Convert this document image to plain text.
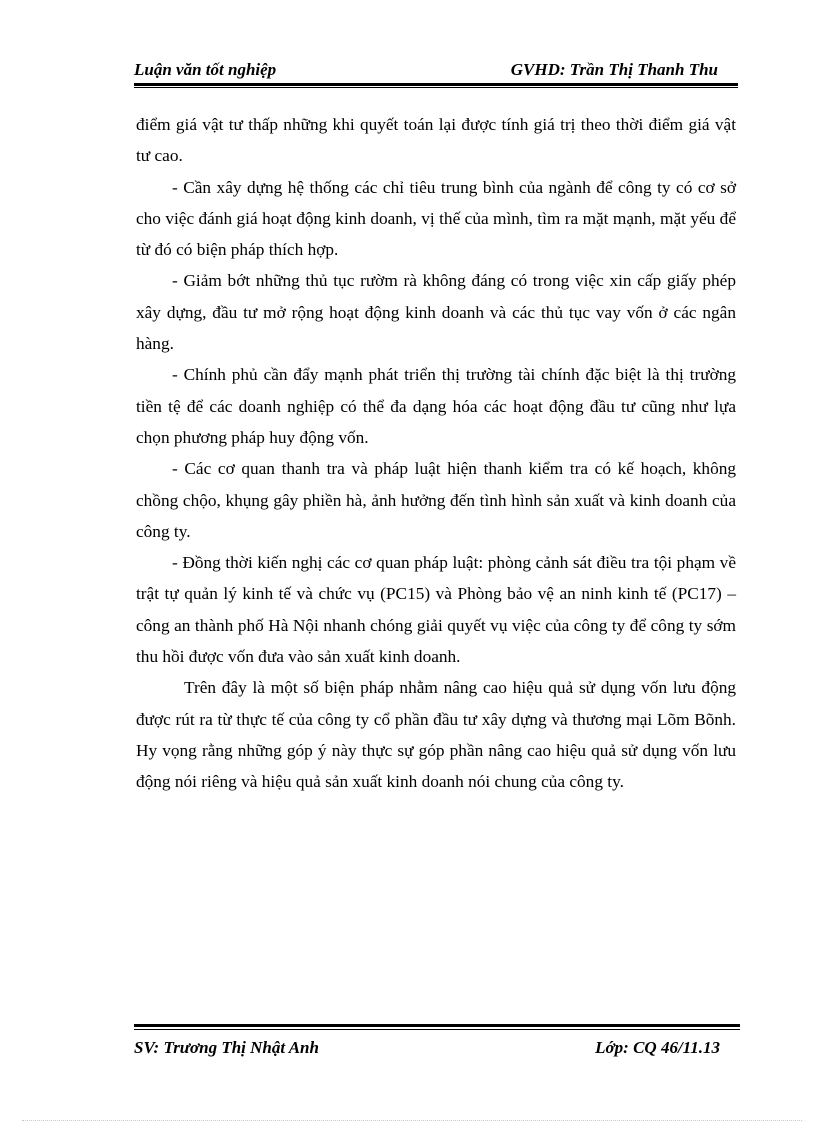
Luận văn tốt nghiệp	GVHD: Trần Thị Thanh Thu

điểm giá vật tư thấp những khi quyết toán lại được tính giá trị theo thời điểm giá vật tư cao.

- Cần xây dựng hệ thống các chỉ tiêu trung bình của ngành để công ty có cơ sở cho việc đánh giá hoạt động kinh doanh, vị thế của mình, tìm ra mặt mạnh, mặt yếu để từ đó có biện pháp thích hợp.

- Giảm bớt những thủ tục rườm rà không đáng có trong việc xin cấp giấy phép xây dựng, đầu tư mở rộng hoạt động kinh doanh và các thủ tục vay vốn ở các ngân hàng.

- Chính phủ cần đẩy mạnh phát triển thị trường tài chính đặc biệt là thị trường tiền tệ để các doanh nghiệp có thể đa dạng hóa các hoạt động đầu tư cũng như lựa chọn phương pháp huy động vốn.

- Các cơ quan thanh tra và pháp luật hiện thanh kiểm tra có kế hoạch, không chồng chộo, khụng gây phiền hà, ảnh hưởng đến tình hình sản xuất và kinh doanh của công ty.

- Đồng thời kiến nghị các cơ quan pháp luật: phòng cảnh sát điều tra tội phạm về trật tự quản lý kinh tế và chức vụ (PC15) và Phòng bảo vệ an ninh kinh tế (PC17) – công an thành phố Hà Nội nhanh chóng giải quyết vụ việc của công ty để công ty sớm thu hồi được vốn đưa vào sản xuất kinh doanh.

Trên đây là một số biện pháp nhằm nâng cao hiệu quả sử dụng vốn lưu động được rút ra từ thực tế của công ty cổ phần đầu tư xây dựng và thương mại Lõm Bõnh. Hy vọng rằng những góp ý này thực sự góp phần nâng cao hiệu quả sử dụng vốn lưu động nói riêng và hiệu quả sản xuất kinh doanh nói chung của công ty.

SV: Trương Thị Nhật Anh	Lớp: CQ 46/11.13
